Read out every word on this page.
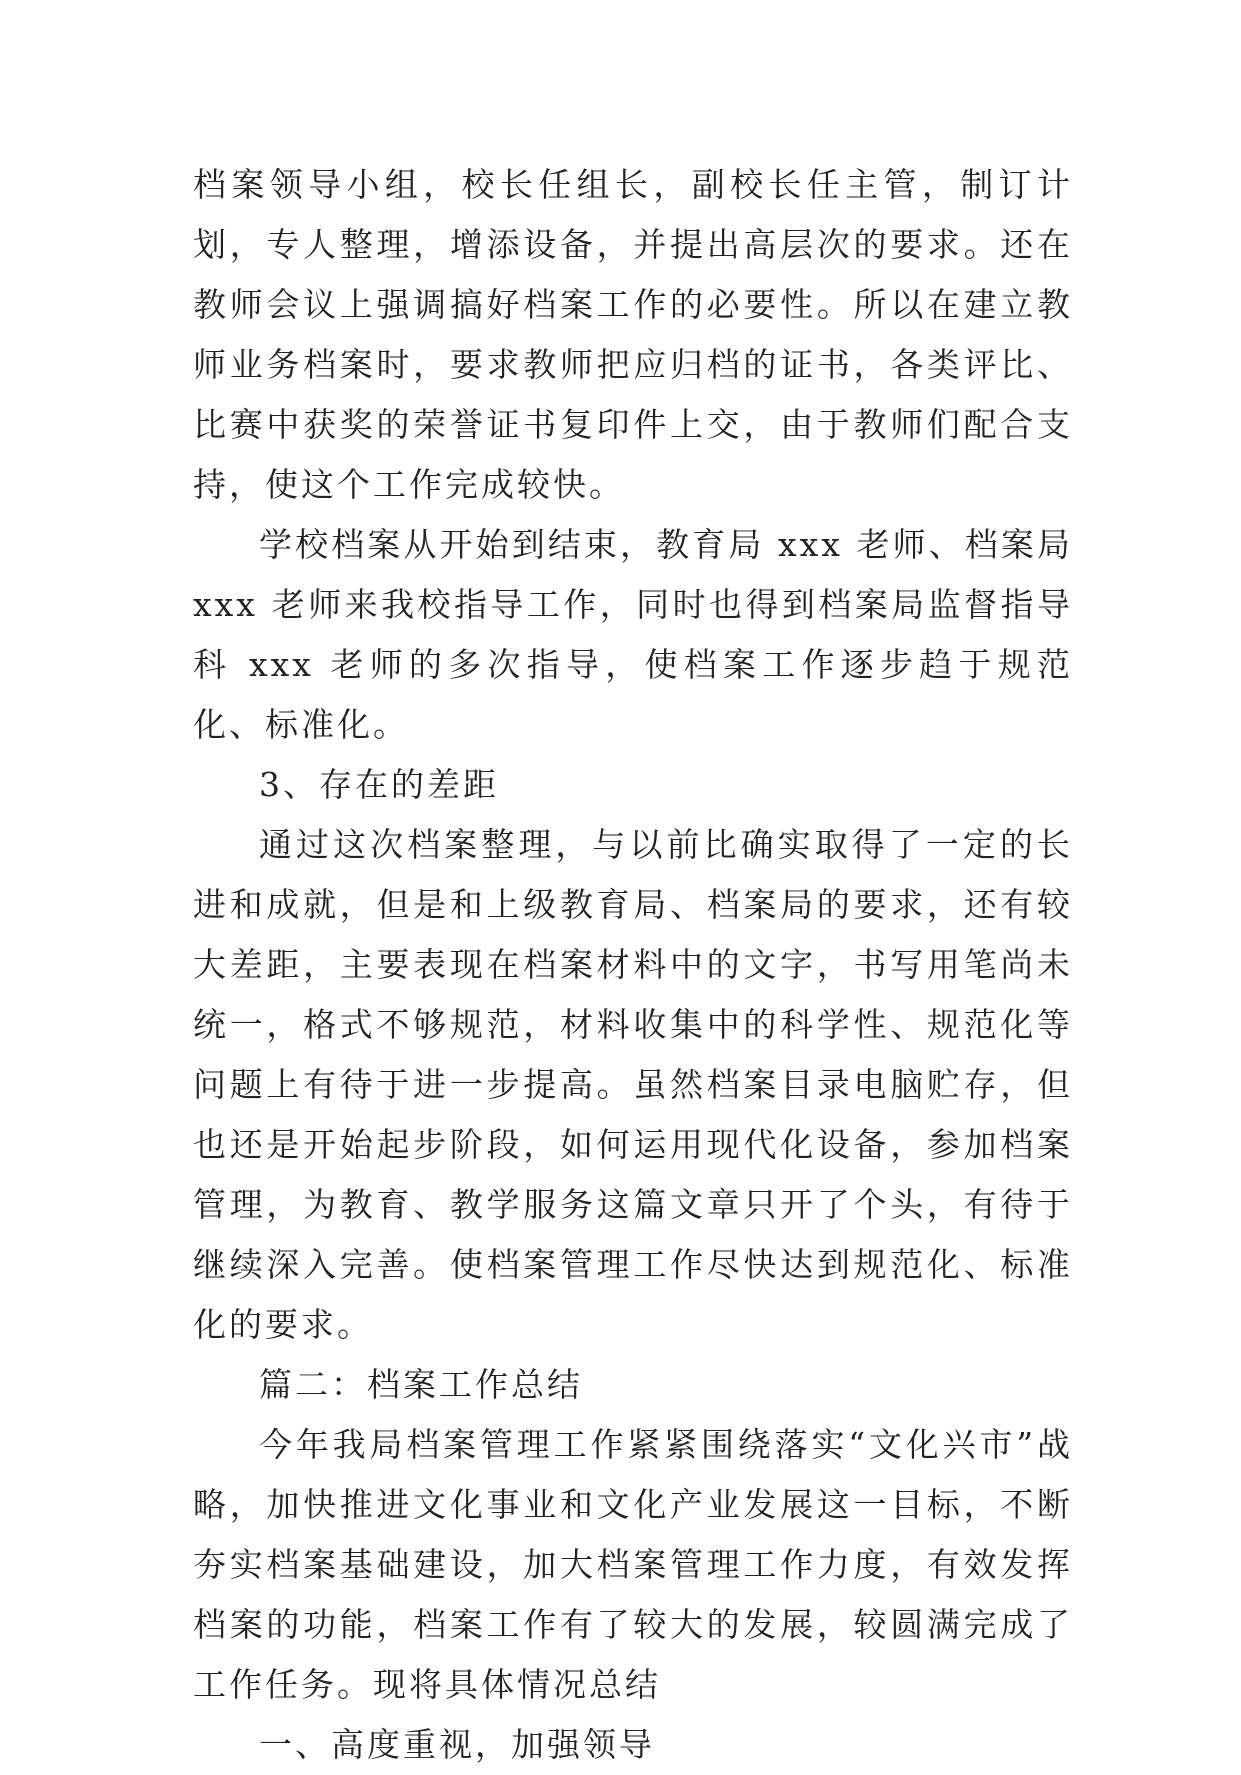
档案领导小组，校长任组长，副校长任主管，制订计划，专人整理，增添设备，并提出高层次的要求。还在教师会议上强调搞好档案工作的必要性。所以在建立教师业务档案时，要求教师把应归档的证书，各类评比、比赛中获奖的荣誉证书复印件上交，由于教师们配合支持，使这个工作完成较快。

学校档案从开始到结束，教育局 xxx 老师、档案局 xxx 老师来我校指导工作，同时也得到档案局监督指导科 xxx 老师的多次指导，使档案工作逐步趋于规范化、标准化。

3、存在的差距

通过这次档案整理，与以前比确实取得了一定的长进和成就，但是和上级教育局、档案局的要求，还有较大差距，主要表现在档案材料中的文字，书写用笔尚未统一，格式不够规范，材料收集中的科学性、规范化等问题上有待于进一步提高。虽然档案目录电脑贮存，但也还是开始起步阶段，如何运用现代化设备，参加档案管理，为教育、教学服务这篇文章只开了个头，有待于继续深入完善。使档案管理工作尽快达到规范化、标准化的要求。

篇二：档案工作总结

今年我局档案管理工作紧紧围绕落实“文化兴市”战略，加快推进文化事业和文化产业发展这一目标，不断夯实档案基础建设，加大档案管理工作力度，有效发挥档案的功能，档案工作有了较大的发展，较圆满完成了工作任务。现将具体情况总结

一、高度重视，加强领导
